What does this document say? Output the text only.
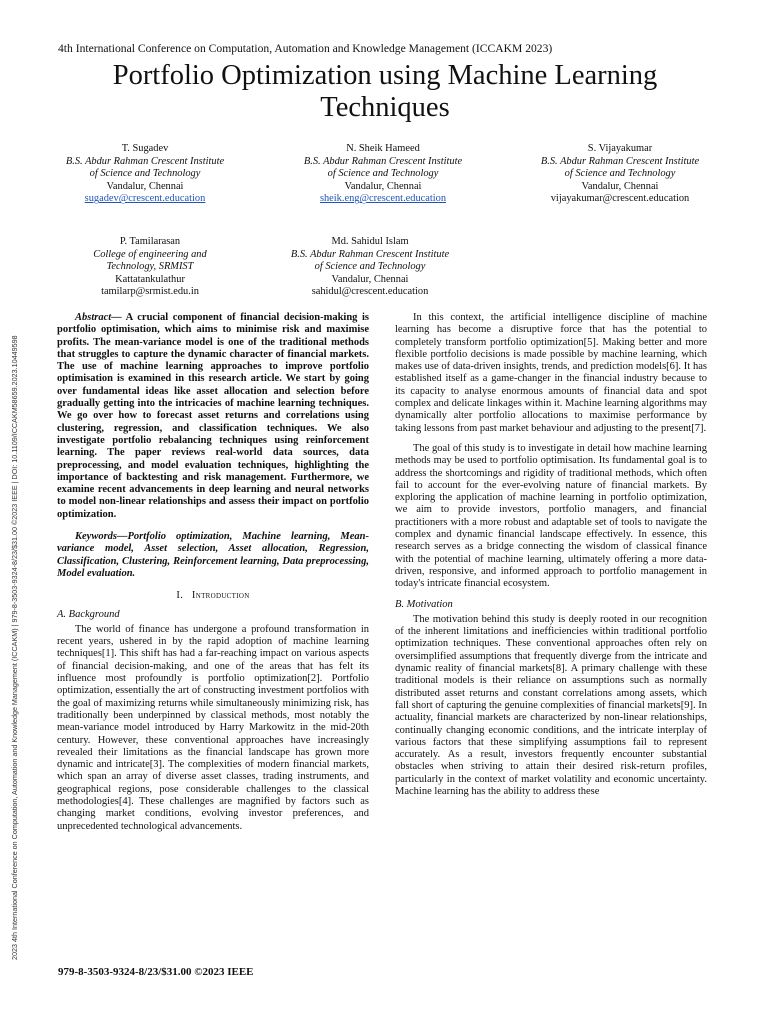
2023 4th International Conference on Computation, Automation and Knowledge Management (ICCAKM) | 979-8-3503-9324-8/23/$31.00 ©2023 IEEE | DOI: 10.1109/ICCAKM58659.2023.10449598
4th International Conference on Computation, Automation and Knowledge Management (ICCAKM 2023)
Portfolio Optimization using Machine Learning Techniques
T. Sugadev
B.S. Abdur Rahman Crescent Institute
of Science and Technology
Vandalur, Chennai
sugadev@crescent.education
N. Sheik Hameed
B.S. Abdur Rahman Crescent Institute
of Science and Technology
Vandalur, Chennai
sheik.eng@crescent.education
S. Vijayakumar
B.S. Abdur Rahman Crescent Institute
of Science and Technology
Vandalur, Chennai
vijayakumar@crescent.education
P. Tamilarasan
College of engineering and
Technology, SRMIST
Kattatankulathur
tamilarp@srmist.edu.in
Md. Sahidul Islam
B.S. Abdur Rahman Crescent Institute
of Science and Technology
Vandalur, Chennai
sahidul@crescent.education
Abstract— A crucial component of financial decision-making is portfolio optimisation, which aims to minimise risk and maximise profits. The mean-variance model is one of the traditional methods that struggles to capture the dynamic character of financial markets. The use of machine learning approaches to improve portfolio optimisation is examined in this research article. We start by going over fundamental ideas like asset allocation and selection before gradually getting into the intricacies of machine learning techniques. We go over how to forecast asset returns and correlations using clustering, regression, and classification techniques. We also investigate portfolio rebalancing techniques using reinforcement learning. The paper reviews real-world data sources, data preprocessing, and model evaluation techniques, highlighting the importance of backtesting and risk management. Furthermore, we examine recent advancements in deep learning and neural networks to model non-linear relationships and assess their impact on portfolio optimization.
Keywords—Portfolio optimization, Machine learning, Mean-variance model, Asset selection, Asset allocation, Regression, Classification, Clustering, Reinforcement learning, Data preprocessing, Model evaluation.
I. Introduction
A. Background

The world of finance has undergone a profound transformation in recent years, ushered in by the rapid adoption of machine learning techniques[1]. This shift has had a far-reaching impact on various aspects of financial decision-making, and one of the areas that has felt its influence most profoundly is portfolio optimization[2]. Portfolio optimization, essentially the art of constructing investment portfolios with the goal of maximizing returns while simultaneously minimizing risk, has traditionally been underpinned by classical methods, most notably the mean-variance model introduced by Harry Markowitz in the mid-20th century. However, these conventional approaches have increasingly revealed their limitations as the financial landscape has grown more dynamic and intricate[3]. The complexities of modern financial markets, which span an array of diverse asset classes, trading instruments, and geographical regions, pose considerable challenges to the classical methodologies[4]. These challenges are magnified by factors such as changing market conditions, evolving investor preferences, and unprecedented technological advancements.

In this context, the artificial intelligence discipline of machine learning has become a disruptive force that has the potential to completely transform portfolio optimization[5]. Making better and more flexible portfolio decisions is made possible by machine learning, which makes use of data-driven insights, trends, and prediction models[6]. It has established itself as a game-changer in the financial industry because to its capacity to analyse enormous amounts of financial data and spot complex and delicate linkages within it. Machine learning algorithms may dynamically alter portfolio allocations to maximise performance by taking lessons from past market behaviour and adjusting to the present[7].

The goal of this study is to investigate in detail how machine learning methods may be used to portfolio optimisation. Its fundamental goal is to address the shortcomings and rigidity of traditional methods, which often fail to account for the ever-evolving nature of financial markets. By exploring the application of machine learning in portfolio optimization, we aim to provide investors, portfolio managers, and financial practitioners with a more robust and adaptable set of tools to navigate the complex and dynamic financial landscape effectively. In essence, this research serves as a bridge connecting the wisdom of classical finance with the potential of machine learning, ultimately offering a more data-driven, responsive, and informed approach to portfolio management in today's intricate financial ecosystem.

B. Motivation

The motivation behind this study is deeply rooted in our recognition of the inherent limitations and inefficiencies within traditional portfolio optimization techniques. These conventional approaches often rely on oversimplified assumptions that frequently diverge from the intricate and dynamic reality of financial markets[8]. A primary challenge with these traditional models is their reliance on assumptions such as normally distributed asset returns and constant correlations among assets, which fall short of capturing the genuine complexities of financial markets[9]. In actuality, financial markets are characterized by non-linear relationships, continually changing economic conditions, and the intricate interplay of various factors that these simplifying assumptions fail to represent accurately. As a result, investors frequently encounter substantial obstacles when striving to attain their desired risk-return profiles, particularly in the context of market volatility and economic uncertainty. Machine learning has the ability to address these

979-8-3503-9324-8/23/$31.00 ©2023 IEEE
